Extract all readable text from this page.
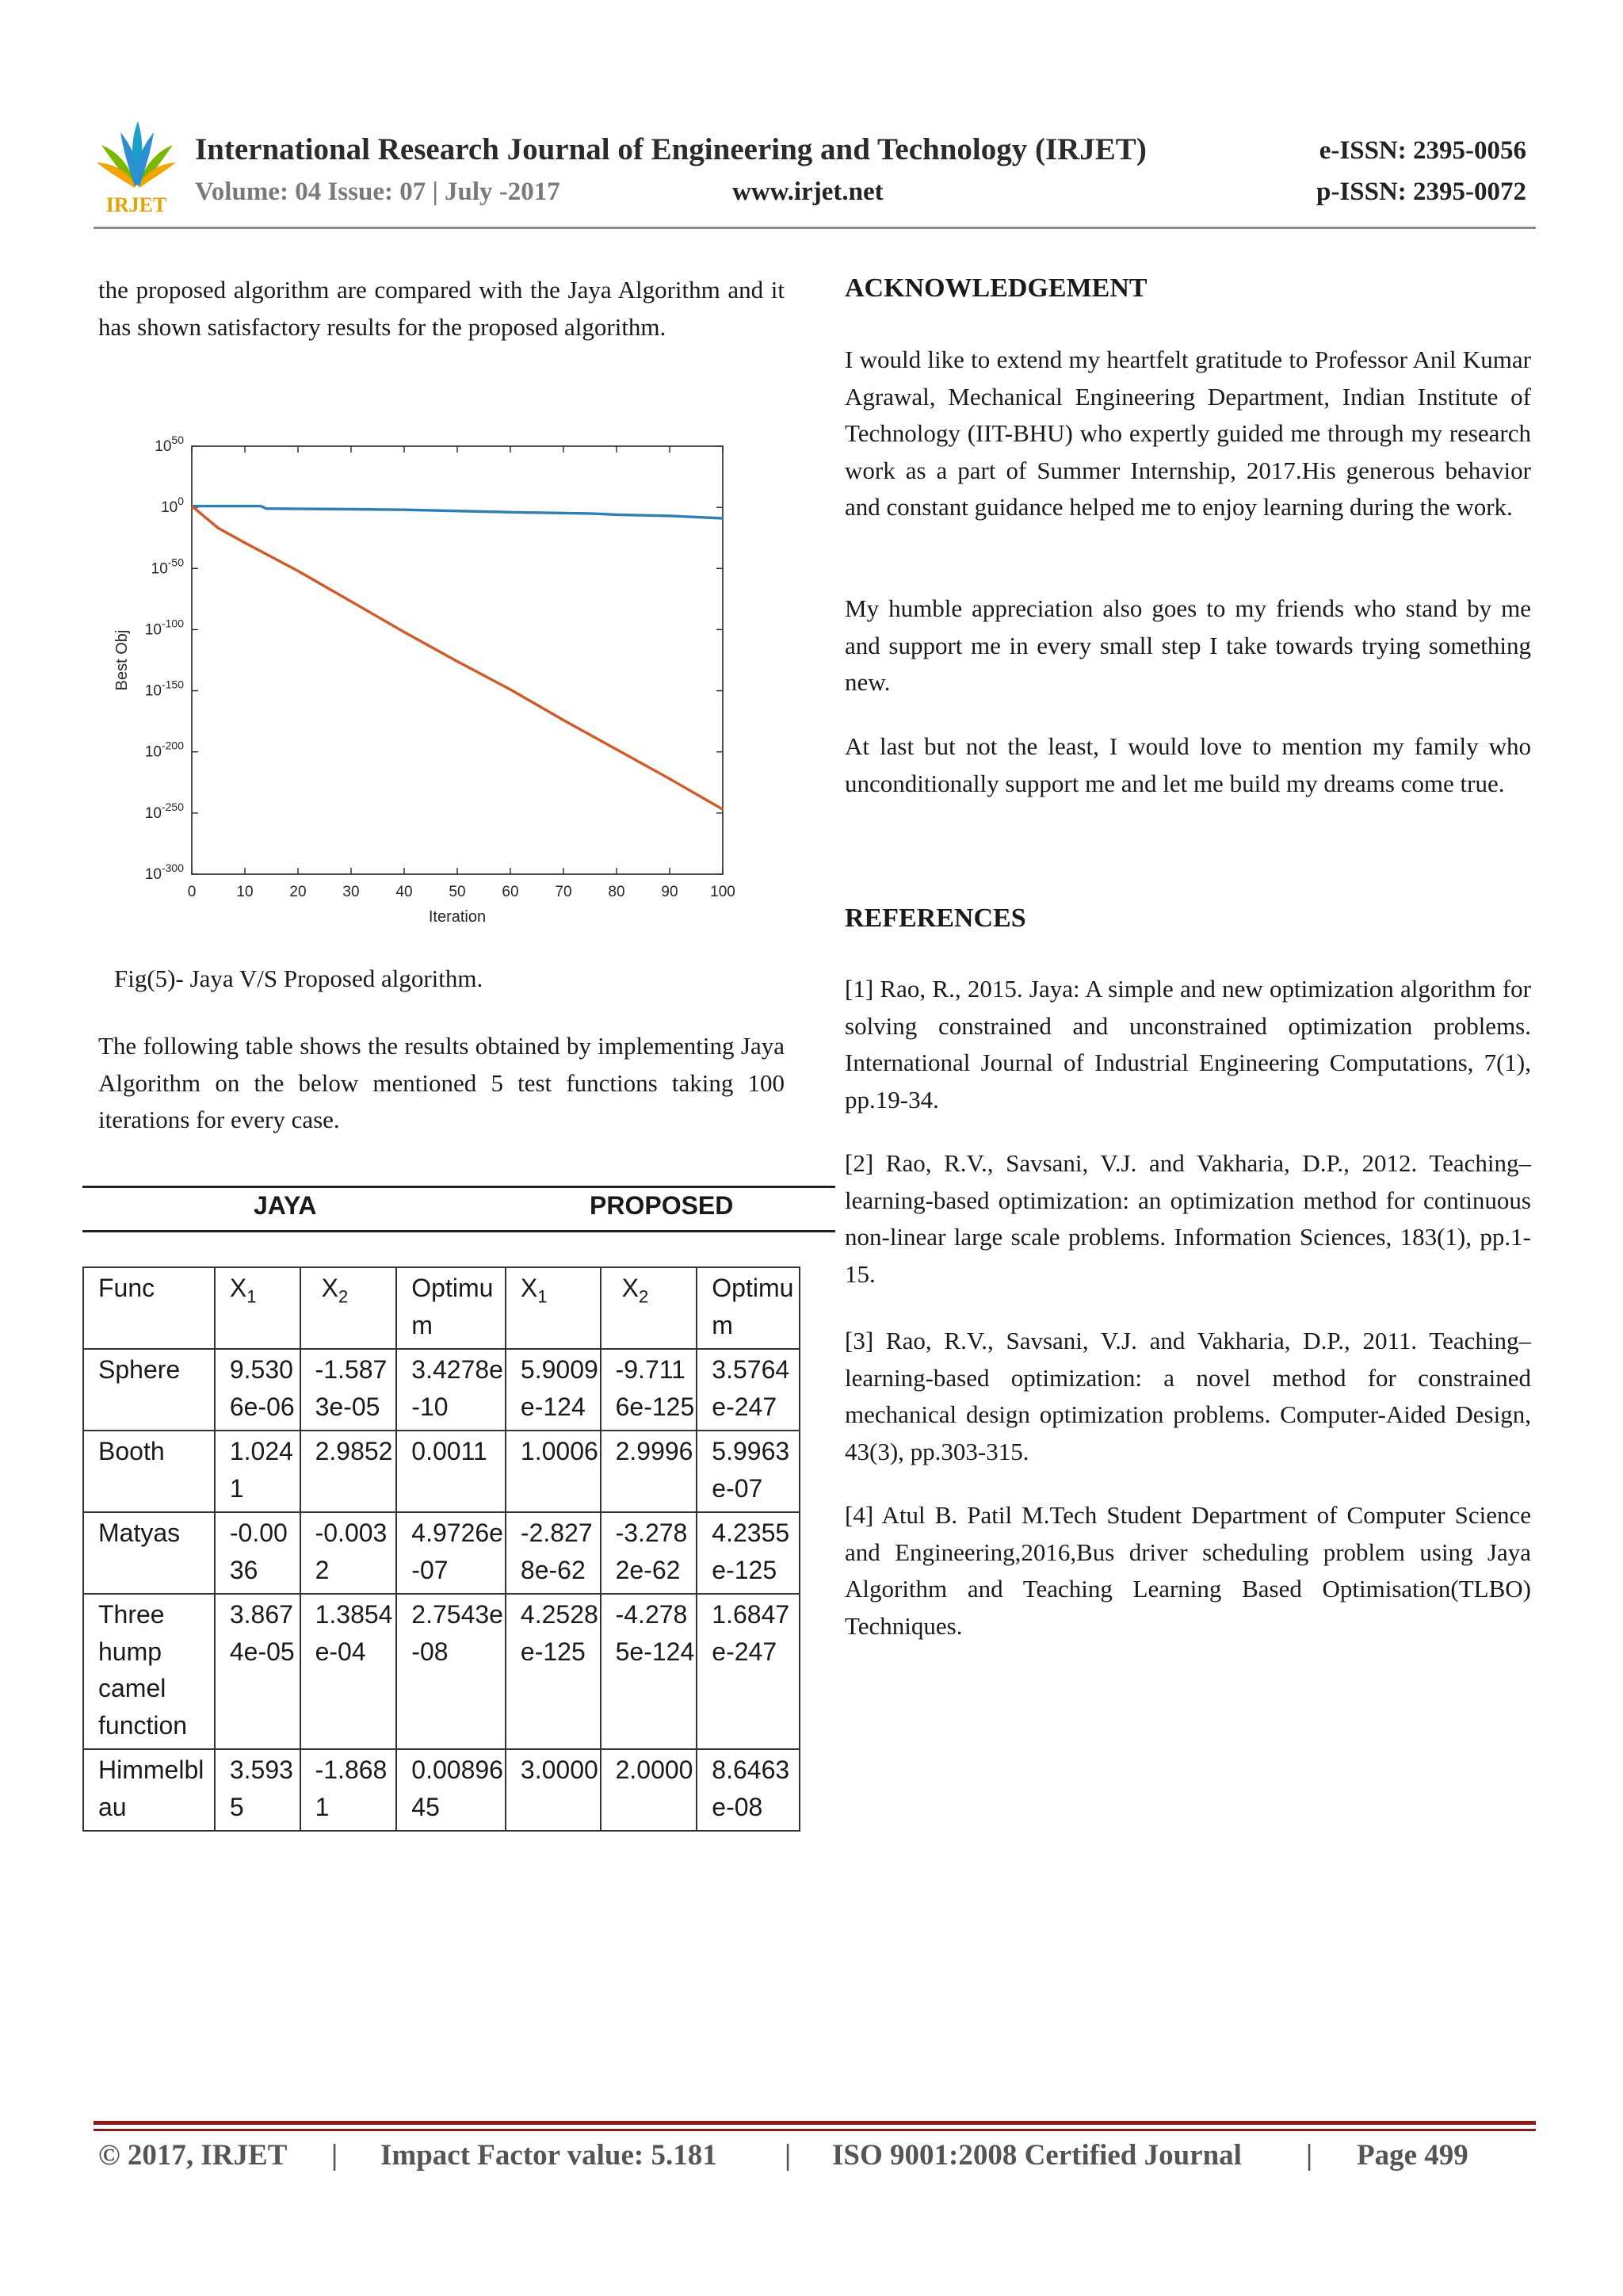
IRJET
International Research Journal of Engineering and Technology (IRJET)
Volume: 04 Issue: 07 | July -2017	www.irjet.net
e-ISSN: 2395-0056
p-ISSN: 2395-0072

the proposed algorithm are compared with the Jaya Algorithm and it has shown satisfactory results for the proposed algorithm.

0	10 20 30 40 50 60 70 80 90 100
$10^{50}$
$10^0$
$10^{-50}$
$10^{-100}$
$10^{-150}$
$10^{-200}$
$10^{-250}$
$10^{-300}$
Iteration
Best Obj
Fig(5)- Jaya V/S Proposed algorithm.

The following table shows the results obtained by implementing Jaya Algorithm on the below mentioned 5 test functions taking 100 iterations for every case.

JAYA	PROPOSED
Func	$X_1$	$X_2$	Optimum	$X_1$	$X_2$	Optimum
Sphere	9.5306e-06	-1.5873e-05	3.4278e-10	5.9009e-124	-9.7116e-125	3.5764e-247
Booth	1.0241	2.9852	0.0011	1.0006	2.9996	5.9963e-07
Matyas	-0.0036	-0.0032	4.9726e-07	-2.8278e-62	-3.2782e-62	4.2355e-125
Three hump camel function	3.8674e-05	1.3854e-04	2.7543e-08	4.2528e-125	-4.2785e-124	1.6847e-247
Himmelblau	3.5935	-1.8681	0.0089645	3.0000	2.0000	8.6463e-08
ACKNOWLEDGEMENT

I would like to extend my heartfelt gratitude to Professor Anil Kumar Agrawal, Mechanical Engineering Department, Indian Institute of Technology (IIT-BHU) who expertly guided me through my research work as a part of Summer Internship, 2017.His generous behavior and constant guidance helped me to enjoy learning during the work.

My humble appreciation also goes to my friends who stand by me and support me in every small step I take towards trying something new.

At last but not the least, I would love to mention my family who unconditionally support me and let me build my dreams come true.

REFERENCES

[1] Rao, R., 2015. Jaya: A simple and new optimization algorithm for solving constrained and unconstrained optimization problems. International Journal of Industrial Engineering Computations, 7(1), pp.19-34.

[2] Rao, R.V., Savsani, V.J. and Vakharia, D.P., 2012. Teaching–learning-based optimization: an optimization method for continuous non-linear large scale problems. Information Sciences, 183(1), pp.1-15.

[3] Rao, R.V., Savsani, V.J. and Vakharia, D.P., 2011. Teaching–learning-based optimization: a novel method for constrained mechanical design optimization problems. Computer-Aided Design, 43(3), pp.303-315.

[4] Atul B. Patil M.Tech Student Department of Computer Science and Engineering,2016,Bus driver scheduling problem using Jaya Algorithm and Teaching Learning Based Optimisation(TLBO) Techniques.

© 2017, IRJET | Impact Factor value: 5.181 | ISO 9001:2008 Certified Journal | Page 499
